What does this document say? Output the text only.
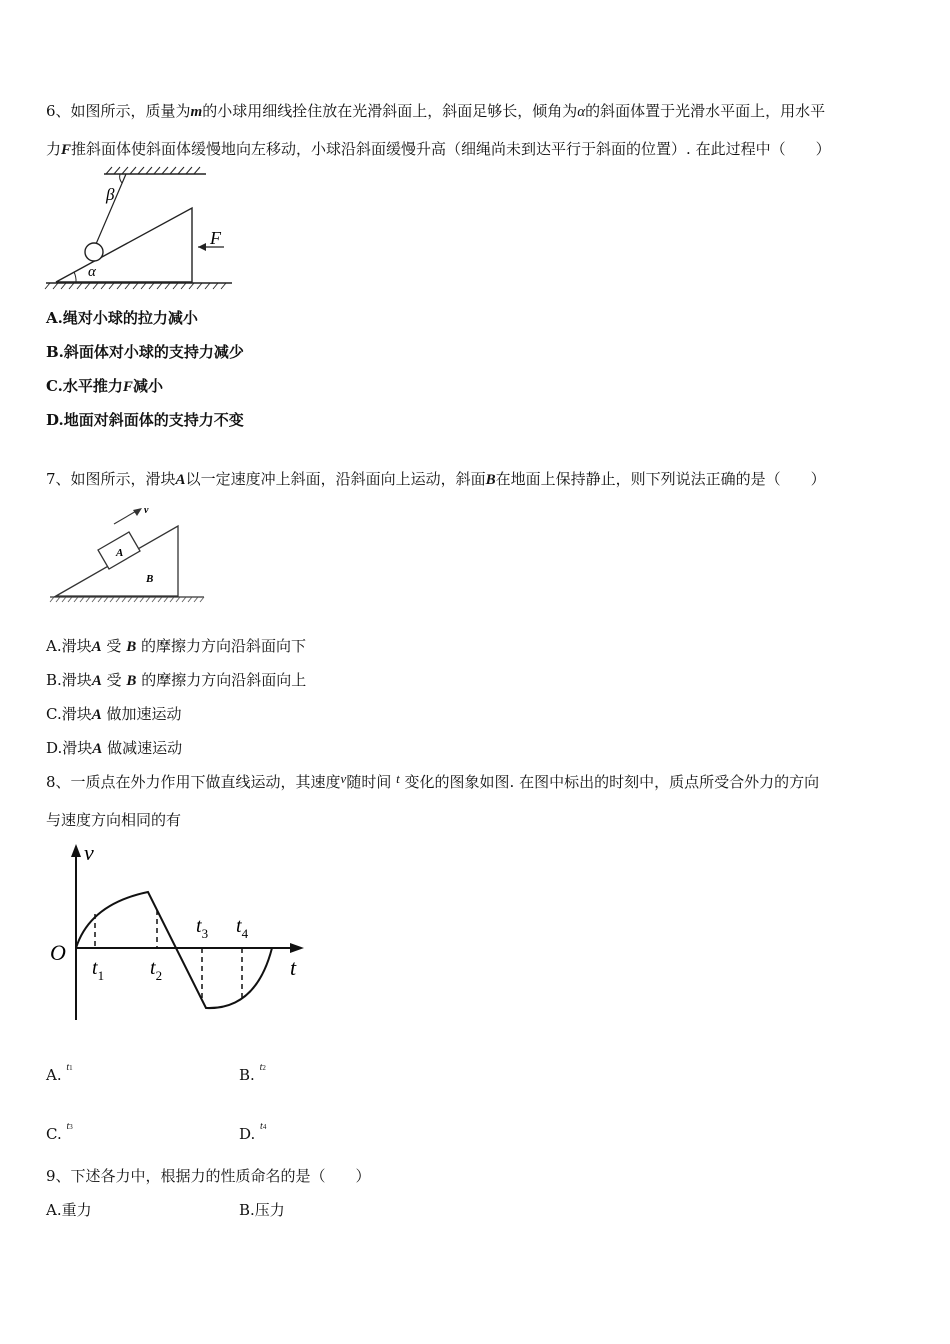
6、如图所示，质量为m的小球用细线拴住放在光滑斜面上，斜面足够长，倾角为α的斜面体置于光滑水平面上，用水平
力F推斜面体使斜面体缓慢地向左移动，小球沿斜面缓慢升高（细绳尚未到达平行于斜面的位置）. 在此过程中（　　）
β
α
F
A.绳对小球的拉力减小
B.斜面体对小球的支持力减少
C.水平推力F减小
D.地面对斜面体的支持力不变
7、如图所示，滑块A以一定速度冲上斜面，沿斜面向上运动，斜面B在地面上保持静止，则下列说法正确的是（　　）
v
A
B
A.滑块A 受 B 的摩擦力方向沿斜面向下
B.滑块A 受 B 的摩擦力方向沿斜面向上
C.滑块A 做加速运动
D.滑块A 做减速运动
8、一质点在外力作用下做直线运动，其速度v随时间 t 变化的图象如图. 在图中标出的时刻中，质点所受合外力的方向
与速度方向相同的有
v
t
O
$t_1$ $t_2$
$t_3$ $t_4$
A. $^{t1}$	B. $^{t2}$
C. $^{t3}$	D. $^{t4}$
9、下述各力中，根据力的性质命名的是（　　）
A.重力	B.压力
